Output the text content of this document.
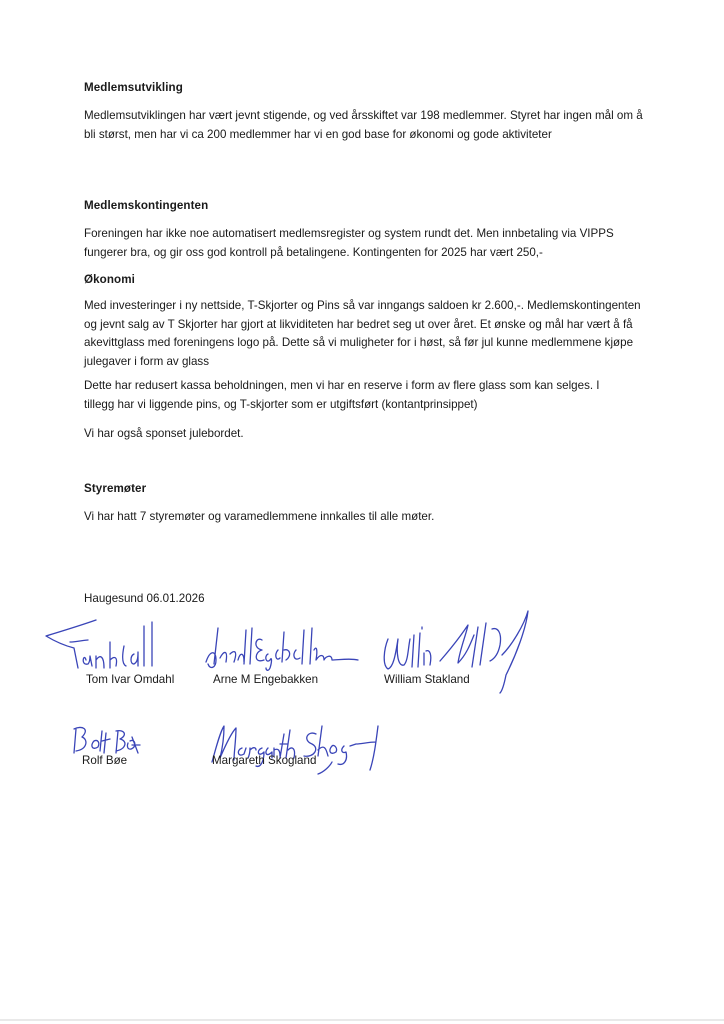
Medlemsutvikling
Medlemsutviklingen har vært jevnt stigende, og ved årsskiftet var 198 medlemmer. Styret har ingen mål om å bli størst, men har vi ca 200 medlemmer har vi en god base for økonomi og gode aktiviteter
Medlemskontingenten
Foreningen har ikke noe automatisert medlemsregister og system rundt det. Men innbetaling via VIPPS fungerer bra, og gir oss god kontroll på betalingene. Kontingenten for 2025 har vært 250,-
Økonomi
Med investeringer i ny nettside, T-Skjorter og Pins så var inngangs saldoen kr 2.600,-. Medlemskontingenten og jevnt salg av T Skjorter har gjort at likviditeten har bedret seg ut over året. Et ønske og mål har vært å få akevittglass med foreningens logo på. Dette så vi muligheter for i høst, så før jul kunne medlemmene kjøpe julegaver i form av glass
Dette har redusert kassa beholdningen, men vi har en reserve i form av flere glass som kan selges. I tillegg har vi liggende pins, og T-skjorter som er utgiftsført (kontantprinsippet)
Vi har også sponset julebordet.
Styremøter
Vi har hatt 7 styremøter og varamedlemmene innkalles til alle møter.
Haugesund 06.01.2026
Tom Ivar Omdahl	Arne M Engebakken	William Stakland
Rolf Bøe	Margareth Skogland
